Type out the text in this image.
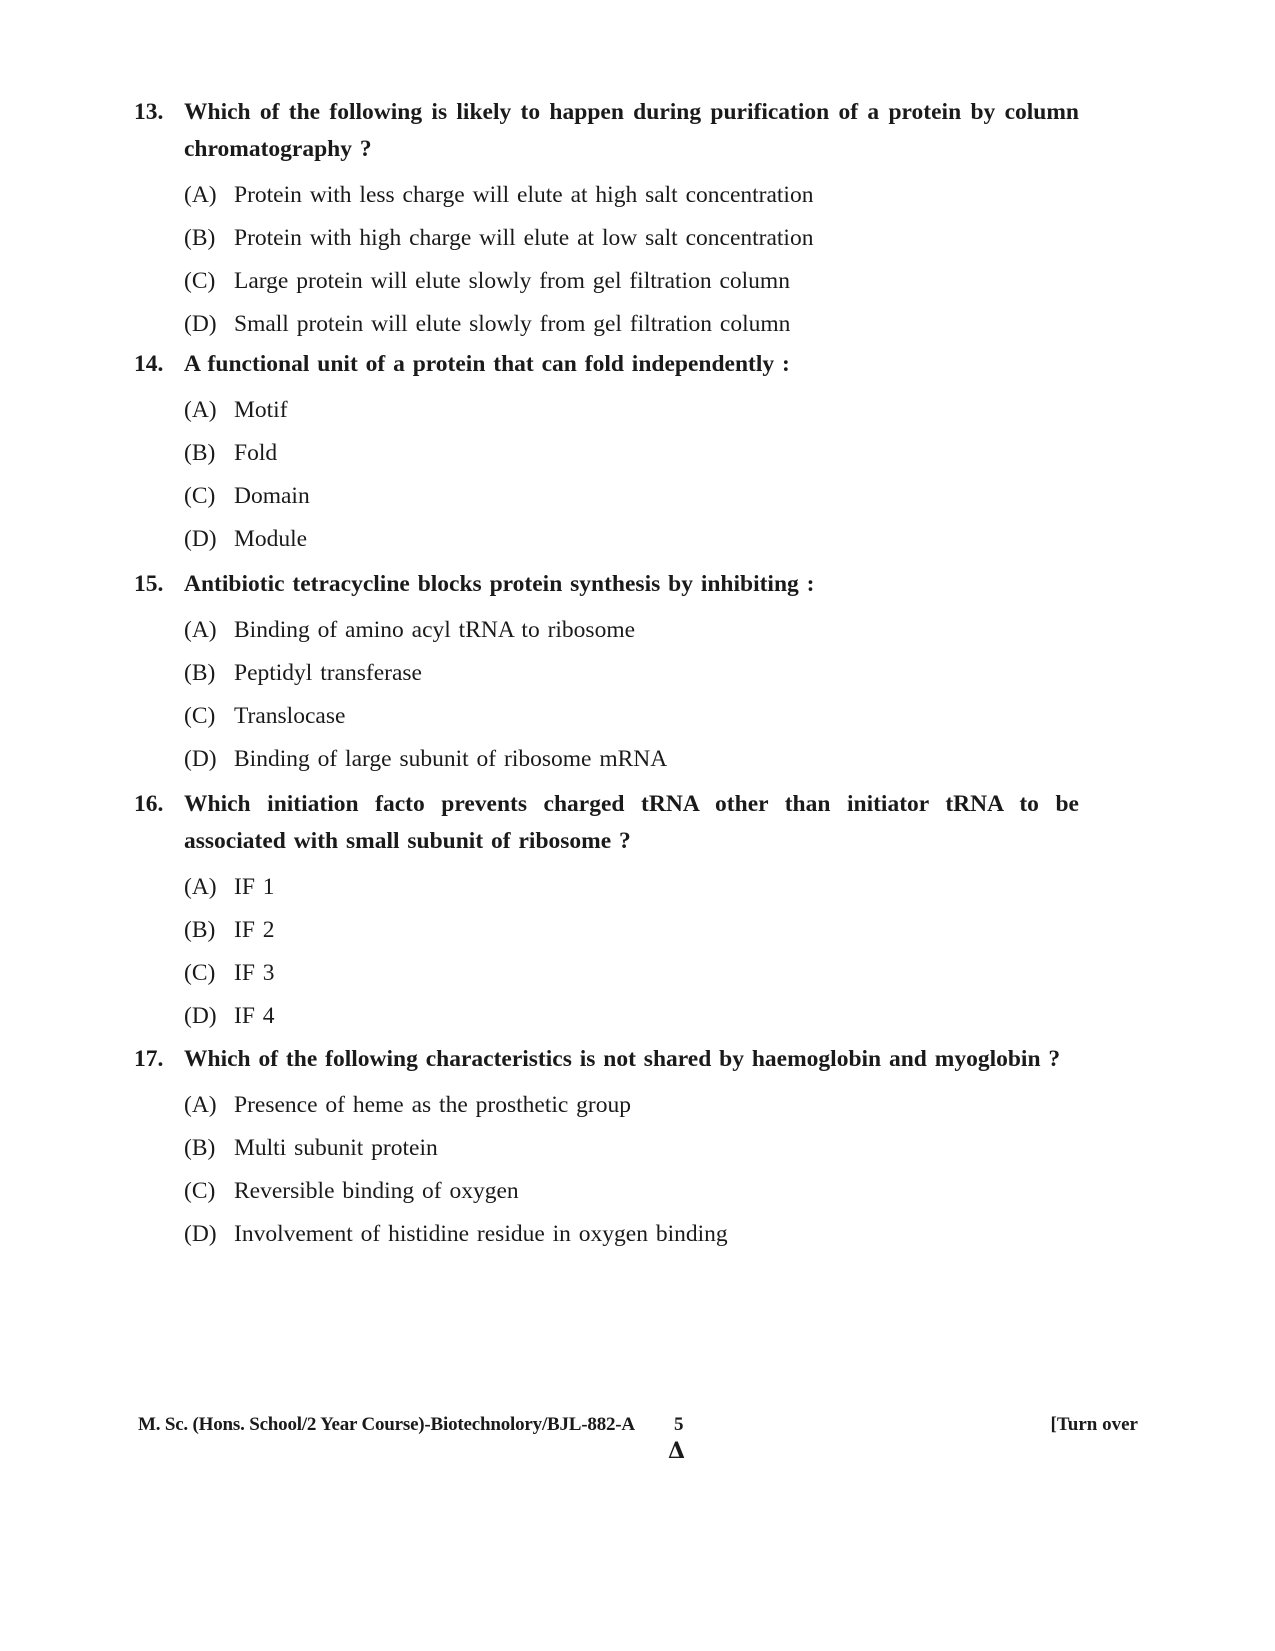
13. Which of the following is likely to happen during purification of a protein by column chromatography ?
(A) Protein with less charge will elute at high salt concentration
(B) Protein with high charge will elute at low salt concentration
(C) Large protein will elute slowly from gel filtration column
(D) Small protein will elute slowly from gel filtration column
14. A functional unit of a protein that can fold independently :
(A) Motif
(B) Fold
(C) Domain
(D) Module
15. Antibiotic tetracycline blocks protein synthesis by inhibiting :
(A) Binding of amino acyl tRNA to ribosome
(B) Peptidyl transferase
(C) Translocase
(D) Binding of large subunit of ribosome mRNA
16. Which initiation facto prevents charged tRNA other than initiator tRNA to be associated with small subunit of ribosome ?
(A) IF 1
(B) IF 2
(C) IF 3
(D) IF 4
17. Which of the following characteristics is not shared by haemoglobin and myoglobin ?
(A) Presence of heme as the prosthetic group
(B) Multi subunit protein
(C) Reversible binding of oxygen
(D) Involvement of histidine residue in oxygen binding
M. Sc. (Hons. School/2 Year Course)-Biotechnolory/BJL-882-A 5	[Turn over
Δ
